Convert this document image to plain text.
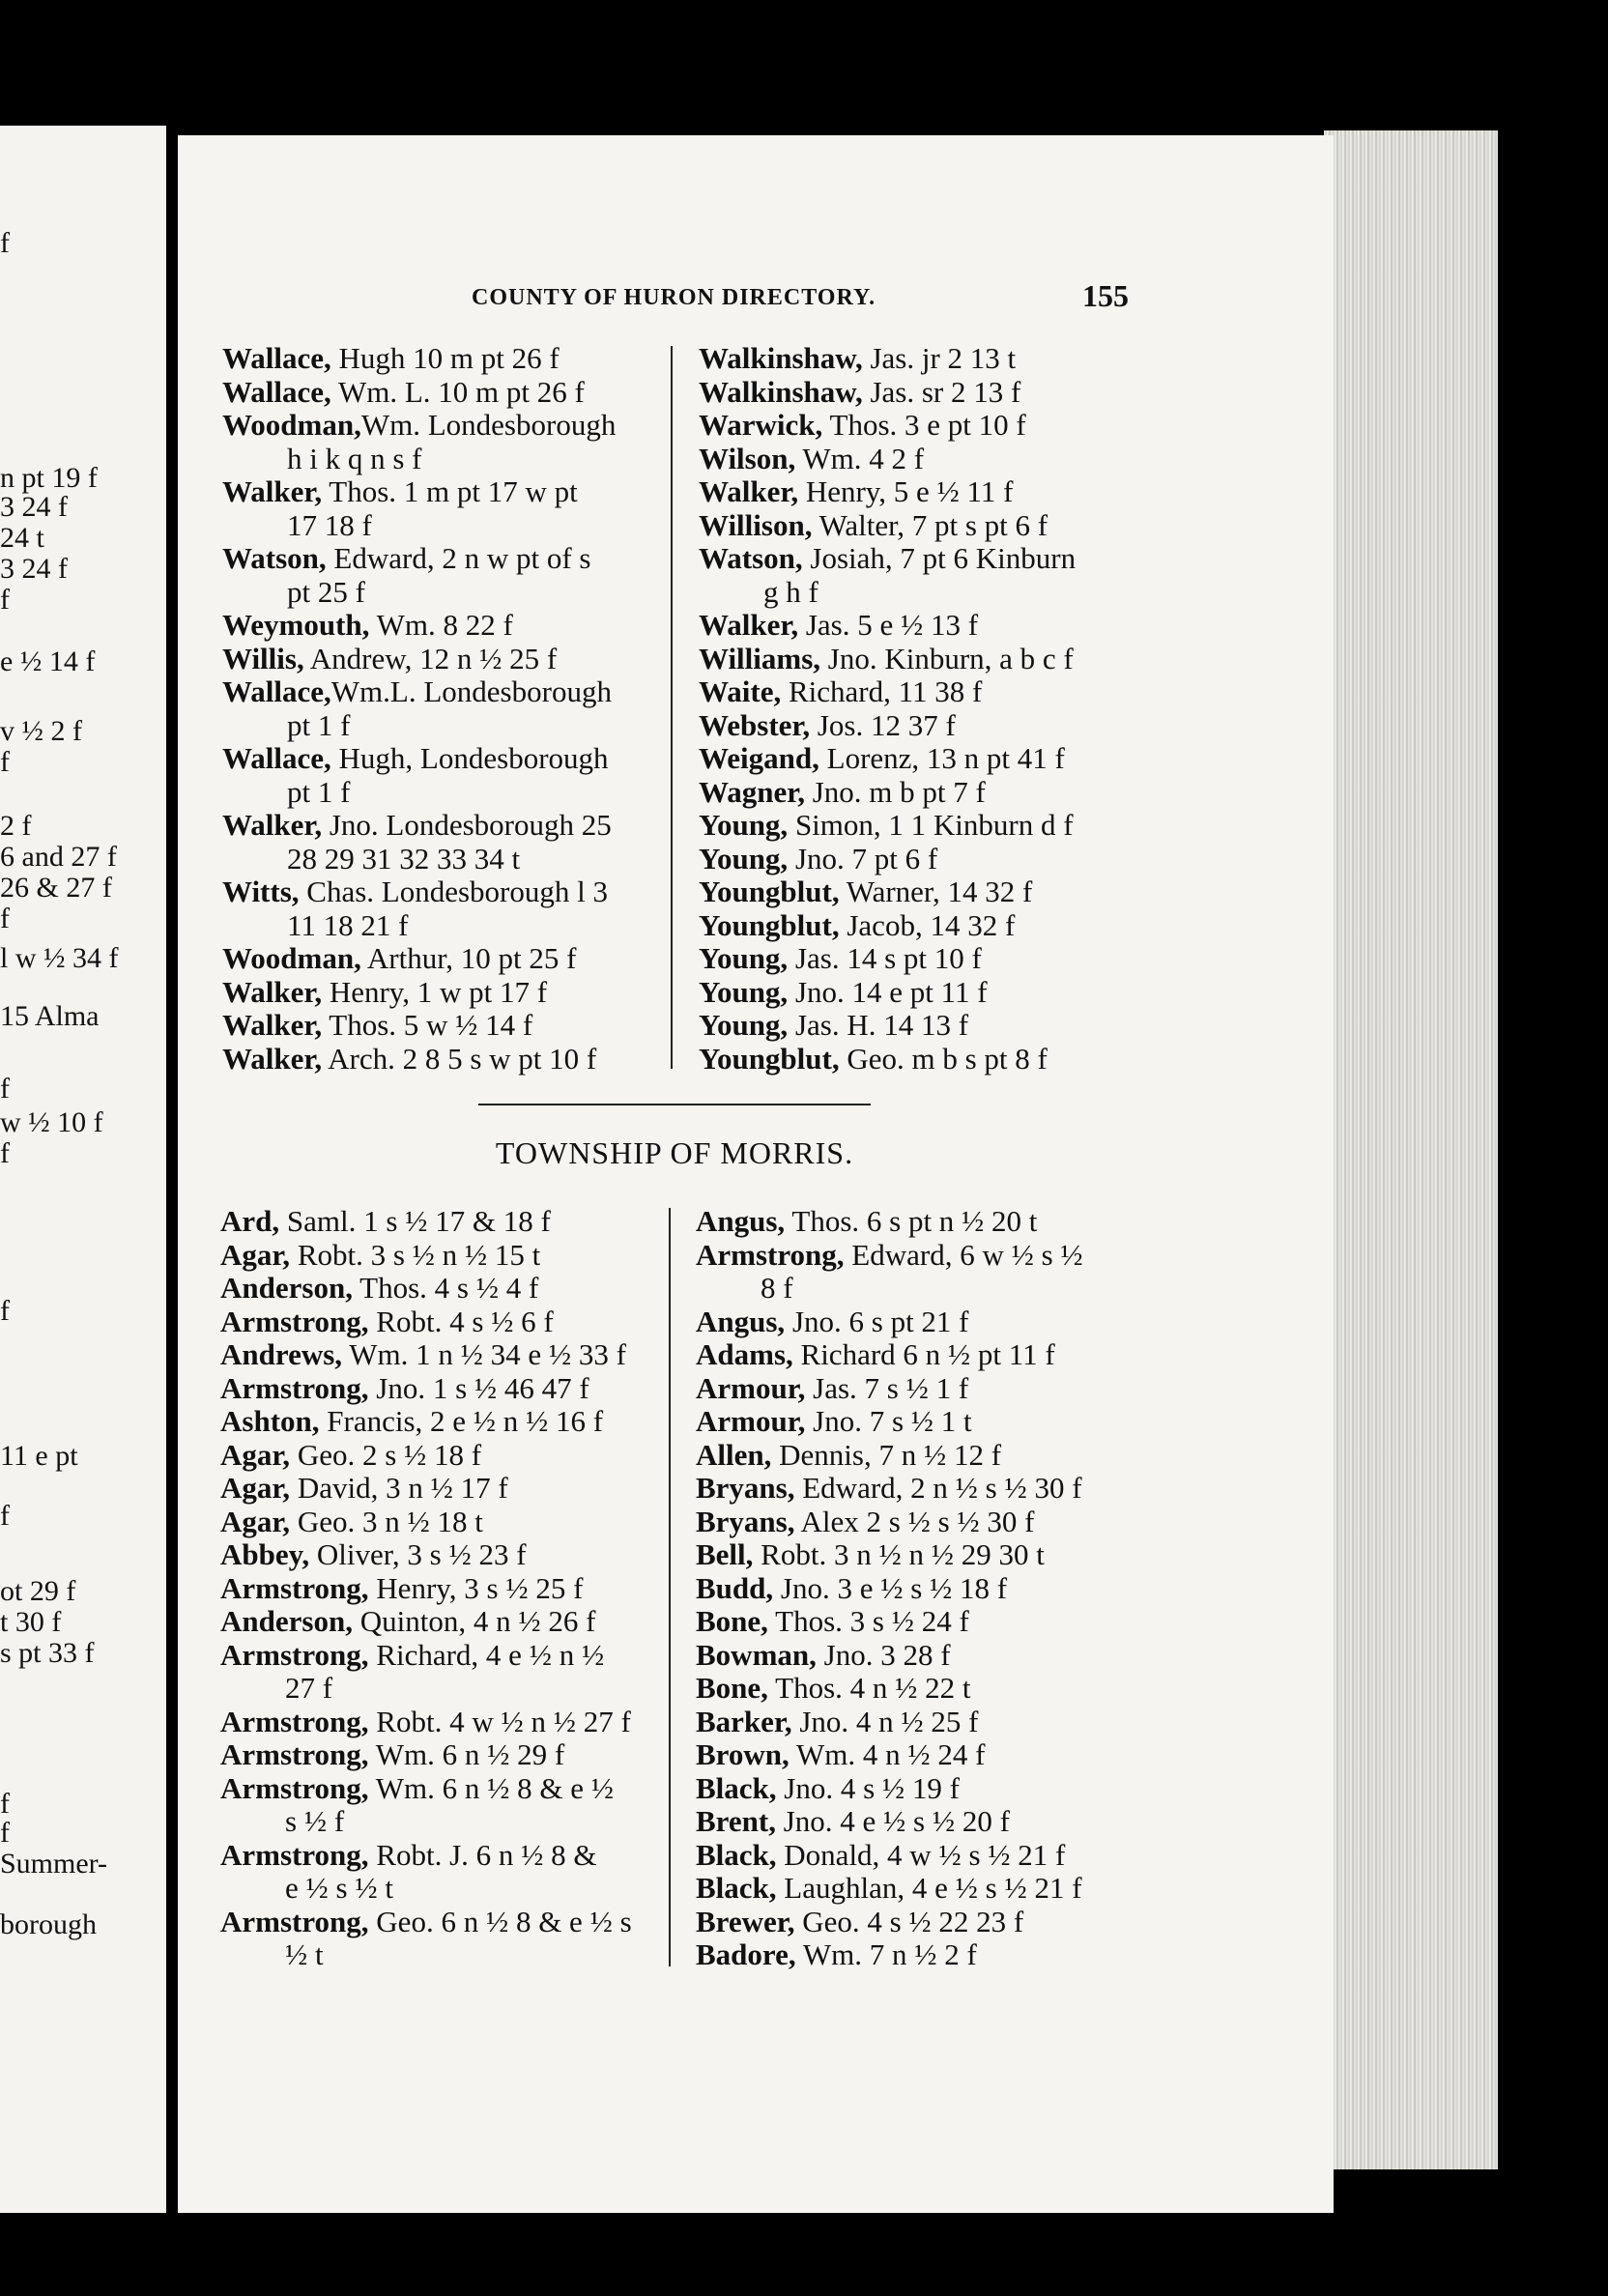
f
n pt 19 f
3 24 f
24 t
3 24 f
f
e ½ 14 f
v ½ 2 f
f
2 f
6 and 27 f
26 & 27 f
f
l w ½ 34 f
15 Alma
f
w ½ 10 f
f
f
11 e pt
f
ot 29 f
t 30 f
s pt 33 f
f
f
Summer-
borough
COUNTY OF HURON DIRECTORY.	155
Wallace, Hugh 10 m pt 26 f
Wallace, Wm. L. 10 m pt 26 f
Woodman,Wm. Londesborough
h i k q n s f
Walker, Thos. 1 m pt 17 w pt
17 18 f
Watson, Edward, 2 n w pt of s
pt 25 f
Weymouth, Wm. 8 22 f
Willis, Andrew, 12 n ½ 25 f
Wallace,Wm.L. Londesborough
pt 1 f
Wallace, Hugh, Londesborough
pt 1 f
Walker, Jno. Londesborough 25
28 29 31 32 33 34 t
Witts, Chas. Londesborough l 3
11 18 21 f
Woodman, Arthur, 10 pt 25 f
Walker, Henry, 1 w pt 17 f
Walker, Thos. 5 w ½ 14 f
Walker, Arch. 2 8 5 s w pt 10 f
Walkinshaw, Jas. jr 2 13 t
Walkinshaw, Jas. sr 2 13 f
Warwick, Thos. 3 e pt 10 f
Wilson, Wm. 4 2 f
Walker, Henry, 5 e ½ 11 f
Willison, Walter, 7 pt s pt 6 f
Watson, Josiah, 7 pt 6 Kinburn
g h f
Walker, Jas. 5 e ½ 13 f
Williams, Jno. Kinburn, a b c f
Waite, Richard, 11 38 f
Webster, Jos. 12 37 f
Weigand, Lorenz, 13 n pt 41 f
Wagner, Jno. m b pt 7 f
Young, Simon, 1 1 Kinburn d f
Young, Jno. 7 pt 6 f
Youngblut, Warner, 14 32 f
Youngblut, Jacob, 14 32 f
Young, Jas. 14 s pt 10 f
Young, Jno. 14 e pt 11 f
Young, Jas. H. 14 13 f
Youngblut, Geo. m b s pt 8 f
TOWNSHIP OF MORRIS.
Ard, Saml. 1 s ½ 17 & 18 f
Agar, Robt. 3 s ½ n ½ 15 t
Anderson, Thos. 4 s ½ 4 f
Armstrong, Robt. 4 s ½ 6 f
Andrews, Wm. 1 n ½ 34 e ½ 33 f
Armstrong, Jno. 1 s ½ 46 47 f
Ashton, Francis, 2 e ½ n ½ 16 f
Agar, Geo. 2 s ½ 18 f
Agar, David, 3 n ½ 17 f
Agar, Geo. 3 n ½ 18 t
Abbey, Oliver, 3 s ½ 23 f
Armstrong, Henry, 3 s ½ 25 f
Anderson, Quinton, 4 n ½ 26 f
Armstrong, Richard, 4 e ½ n ½
27 f
Armstrong, Robt. 4 w ½ n ½ 27 f
Armstrong, Wm. 6 n ½ 29 f
Armstrong, Wm. 6 n ½ 8 & e ½
s ½ f
Armstrong, Robt. J. 6 n ½ 8 &
e ½ s ½ t
Armstrong, Geo. 6 n ½ 8 & e ½ s
½ t
Angus, Thos. 6 s pt n ½ 20 t
Armstrong, Edward, 6 w ½ s ½
8 f
Angus, Jno. 6 s pt 21 f
Adams, Richard 6 n ½ pt 11 f
Armour, Jas. 7 s ½ 1 f
Armour, Jno. 7 s ½ 1 t
Allen, Dennis, 7 n ½ 12 f
Bryans, Edward, 2 n ½ s ½ 30 f
Bryans, Alex 2 s ½ s ½ 30 f
Bell, Robt. 3 n ½ n ½ 29 30 t
Budd, Jno. 3 e ½ s ½ 18 f
Bone, Thos. 3 s ½ 24 f
Bowman, Jno. 3 28 f
Bone, Thos. 4 n ½ 22 t
Barker, Jno. 4 n ½ 25 f
Brown, Wm. 4 n ½ 24 f
Black, Jno. 4 s ½ 19 f
Brent, Jno. 4 e ½ s ½ 20 f
Black, Donald, 4 w ½ s ½ 21 f
Black, Laughlan, 4 e ½ s ½ 21 f
Brewer, Geo. 4 s ½ 22 23 f
Badore, Wm. 7 n ½ 2 f
